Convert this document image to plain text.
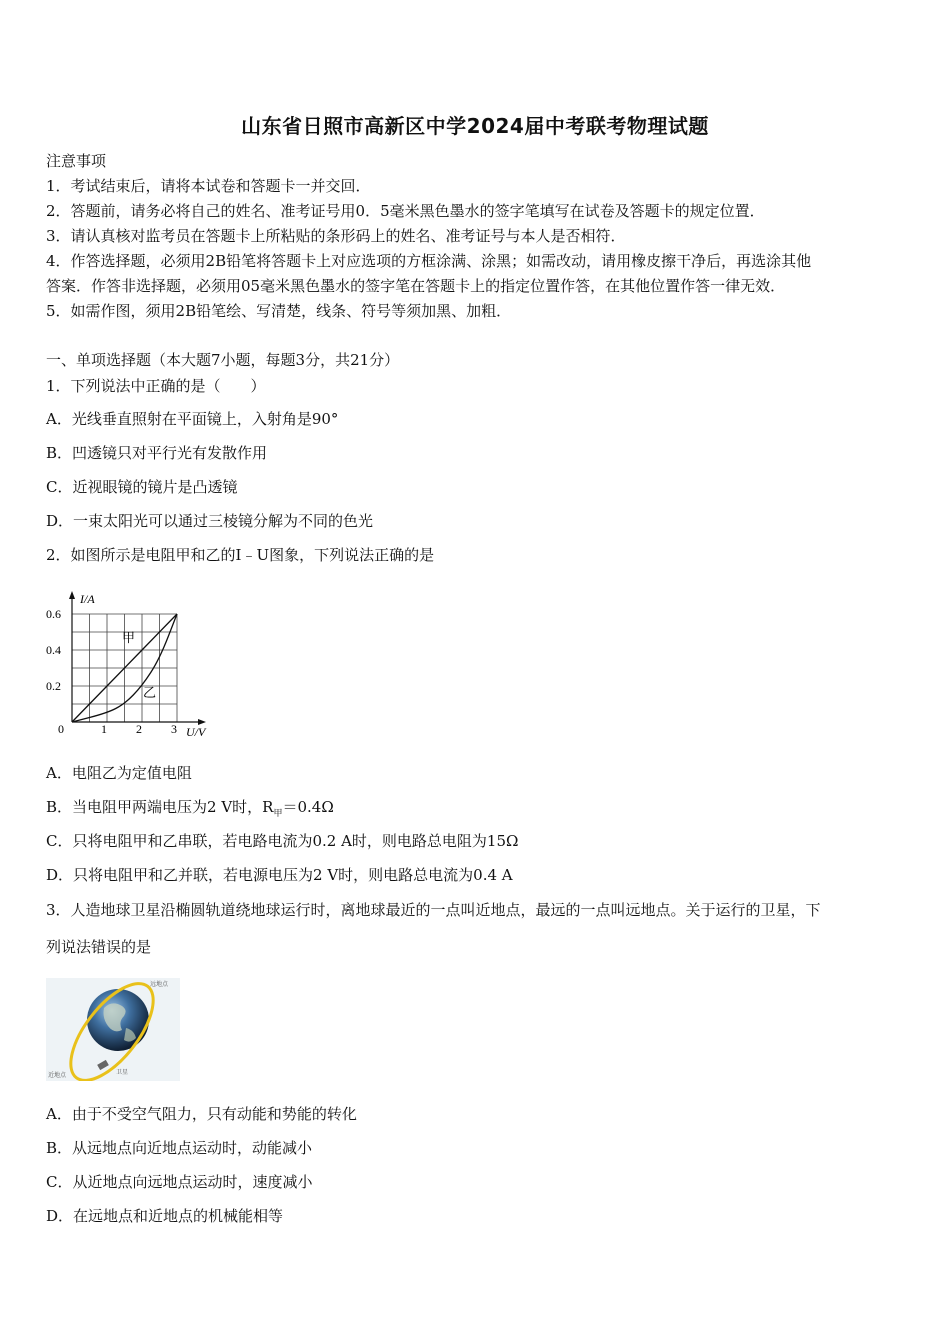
山东省日照市高新区中学2024届中考联考物理试题
注意事项
1．考试结束后，请将本试卷和答题卡一并交回．
2．答题前，请务必将自己的姓名、准考证号用0．5毫米黑色墨水的签字笔填写在试卷及答题卡的规定位置．
3．请认真核对监考员在答题卡上所粘贴的条形码上的姓名、准考证号与本人是否相符．
4．作答选择题，必须用2B铅笔将答题卡上对应选项的方框涂满、涂黑；如需改动，请用橡皮擦干净后，再选涂其他
答案．作答非选择题，必须用05毫米黑色墨水的签字笔在答题卡上的指定位置作答，在其他位置作答一律无效．
5．如需作图，须用2B铅笔绘、写清楚，线条、符号等须加黑、加粗．
一、单项选择题（本大题7小题，每题3分，共21分）
1．下列说法中正确的是（　　）
A．光线垂直照射在平面镜上，入射角是90°
B．凹透镜只对平行光有发散作用
C．近视眼镜的镜片是凸透镜
D．一束太阳光可以通过三棱镜分解为不同的色光
2．如图所示是电阻甲和乙的I﹣U图象，下列说法正确的是
I/A
U/V
0.6
0.4
0.2
0	1 2 3
甲
乙
A．电阻乙为定值电阻
B．当电阻甲两端电压为2 V时，$R_甲=0.4\Omega$
C．只将电阻甲和乙串联，若电路电流为0.2 A时，则电路总电阻为15Ω
D．只将电阻甲和乙并联，若电源电压为2 V时，则电路总电流为0.4 A
3．人造地球卫星沿椭圆轨道绕地球运行时，离地球最近的一点叫近地点，最远的一点叫远地点。关于运行的卫星，下
列说法错误的是
远地点
近地点	卫星
A．由于不受空气阻力，只有动能和势能的转化
B．从远地点向近地点运动时，动能减小
C．从近地点向远地点运动时，速度减小
D．在远地点和近地点的机械能相等
